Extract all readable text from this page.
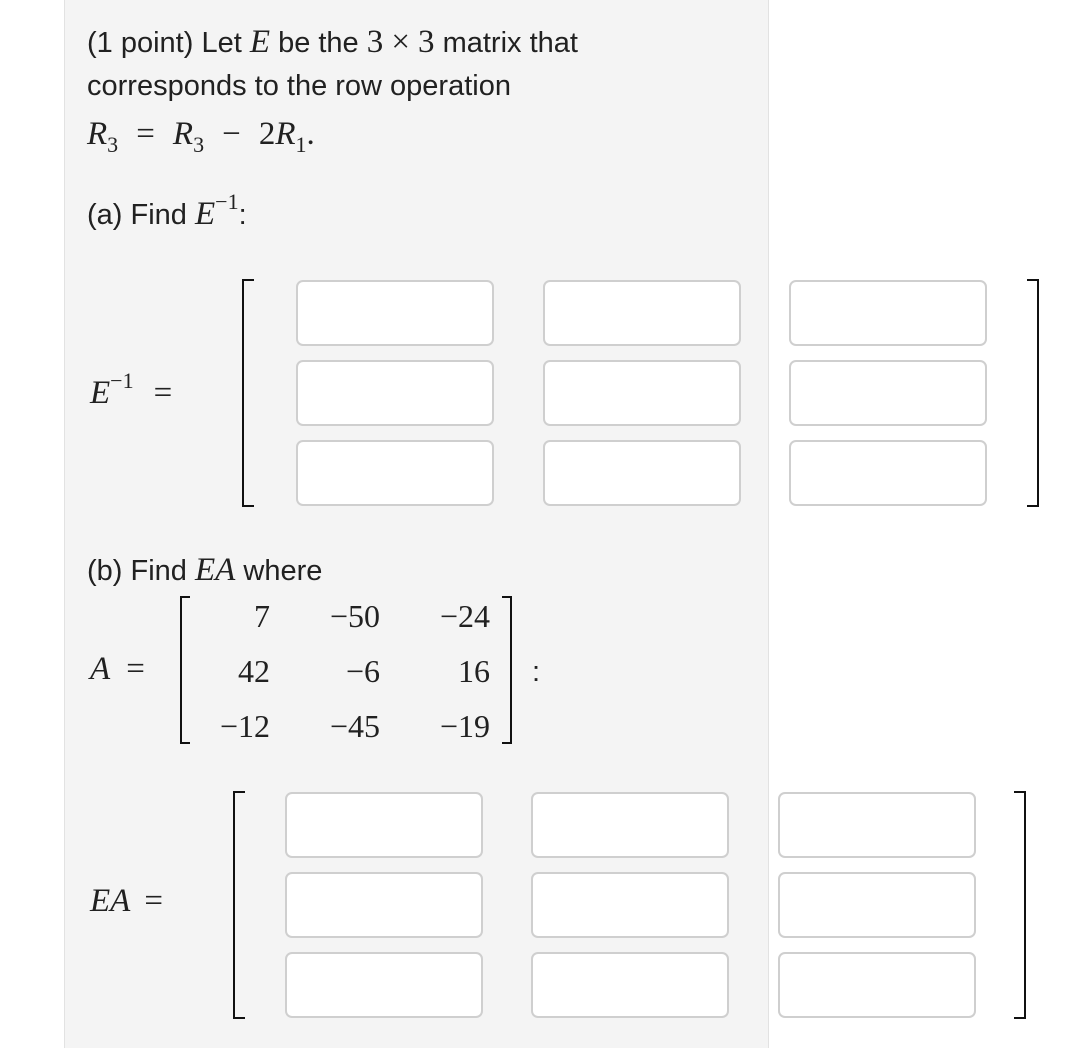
(1 point) Let E be the 3 × 3 matrix that
corresponds to the row operation
$R_3 = R_3 - 2R_1$.
(a) Find $E^{-1}$:
$E^{-1}$ =
(b) Find EA where
A =
7	−50	−24
42	−6	16
−12	−45	−19
:
EA =
